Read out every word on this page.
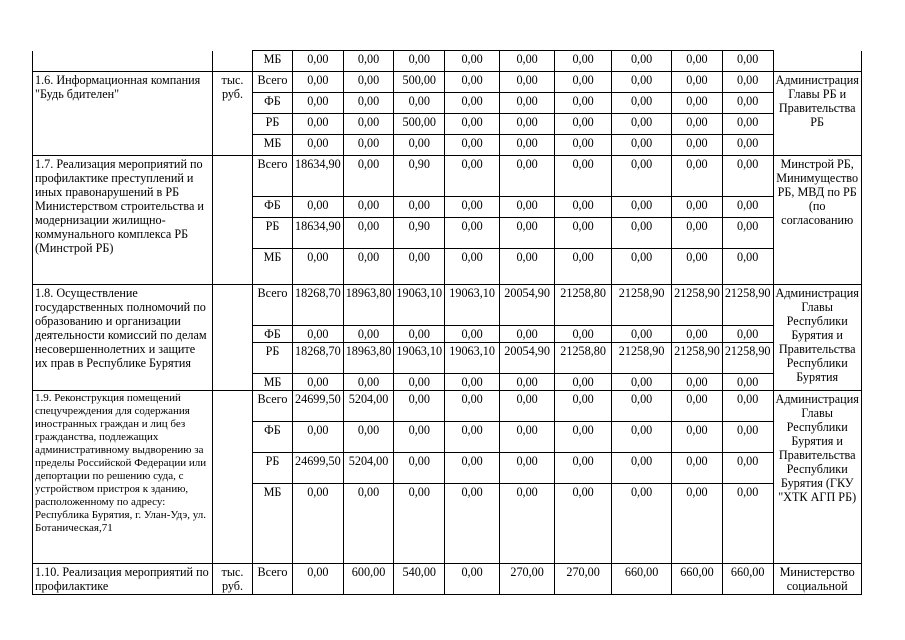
		МБ	0,00	0,00	0,00	0,00	0,00	0,00	0,00	0,00	0,00	
1.6. Информационная компания "Будь бдителен"	тыс. руб.	Всего	0,00	0,00	500,00	0,00	0,00	0,00	0,00	0,00	0,00	Администрация Главы РБ и Правительства РБ
		ФБ	0,00	0,00	0,00	0,00	0,00	0,00	0,00	0,00	0,00	
		РБ	0,00	0,00	500,00	0,00	0,00	0,00	0,00	0,00	0,00	
		МБ	0,00	0,00	0,00	0,00	0,00	0,00	0,00	0,00	0,00	
1.7. Реализация мероприятий по профилактике преступлений и иных правонарушений в РБ Министерством строительства и модернизации жилищно-коммунального комплекса РБ (Минстрой РБ)		Всего	18634,90	0,00	0,90	0,00	0,00	0,00	0,00	0,00	0,00	Минстрой РБ, Минимущество РБ, МВД по РБ (по согласованию
		ФБ	0,00	0,00	0,00	0,00	0,00	0,00	0,00	0,00	0,00	
		РБ	18634,90	0,00	0,90	0,00	0,00	0,00	0,00	0,00	0,00	
		МБ	0,00	0,00	0,00	0,00	0,00	0,00	0,00	0,00	0,00	
1.8. Осуществление государственных полномочий по образованию и организации деятельности комиссий по делам несовершеннолетних и защите их прав в Республике Бурятия		Всего	18268,70	18963,80	19063,10	19063,10	20054,90	21258,80	21258,90	21258,90	21258,90	Администрация Главы Республики Бурятия и Правительства Республики Бурятия
		ФБ	0,00	0,00	0,00	0,00	0,00	0,00	0,00	0,00	0,00	
		РБ	18268,70	18963,80	19063,10	19063,10	20054,90	21258,80	21258,90	21258,90	21258,90	
		МБ	0,00	0,00	0,00	0,00	0,00	0,00	0,00	0,00	0,00	
1.9. Реконструкция помещений спецучреждения для содержания иностранных граждан и лиц без гражданства, подлежащих административному выдворению за пределы Российской Федерации или депортации по решению суда, с устройством пристроя к зданию, расположенному по адресу: Республика Бурятия, г. Улан-Удэ, ул. Ботаническая,71		Всего	24699,50	5204,00	0,00	0,00	0,00	0,00	0,00	0,00	0,00	Администрация Главы Республики Бурятия и Правительства Республики Бурятия (ГКУ "ХТК АГП РБ)
		ФБ	0,00	0,00	0,00	0,00	0,00	0,00	0,00	0,00	0,00	
		РБ	24699,50	5204,00	0,00	0,00	0,00	0,00	0,00	0,00	0,00	
		МБ	0,00	0,00	0,00	0,00	0,00	0,00	0,00	0,00	0,00	
1.10. Реализация мероприятий по профилактике	тыс. руб.	Всего	0,00	600,00	540,00	0,00	270,00	270,00	660,00	660,00	660,00	Министерство социальной
